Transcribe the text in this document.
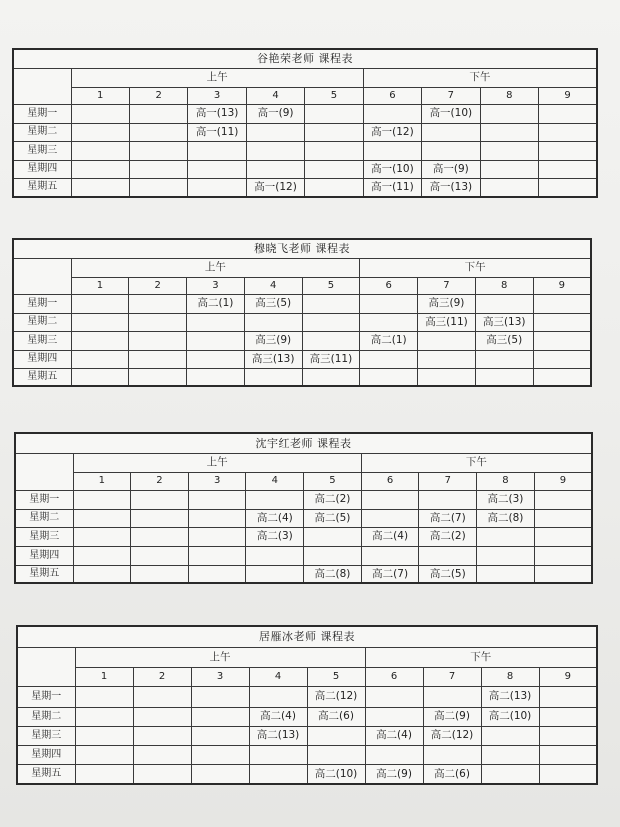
谷艳荣老师 课程表									
	上午					下午			
	1	2	3	4	5	6	7	8	9
星期一			高一(13)	高一(9)			高一(10)		
星期二			高一(11)			高一(12)			
星期三									
星期四						高一(10)	高一(9)		
星期五				高一(12)		高一(11)	高一(13)		
穆晓飞老师 课程表									
	上午					下午			
	1	2	3	4	5	6	7	8	9
星期一			高二(1)	高三(5)			高三(9)		
星期二							高三(11)	高三(13)	
星期三				高三(9)		高二(1)		高三(5)	
星期四				高三(13)	高三(11)				
星期五									
沈宇红老师 课程表									
	上午					下午			
	1	2	3	4	5	6	7	8	9
星期一					高二(2)			高二(3)	
星期二				高二(4)	高二(5)		高二(7)	高二(8)	
星期三				高二(3)		高二(4)	高二(2)		
星期四									
星期五					高二(8)	高二(7)	高二(5)		
居雁冰老师 课程表									
	上午					下午			
	1	2	3	4	5	6	7	8	9
星期一					高二(12)			高二(13)	
星期二				高二(4)	高二(6)		高二(9)	高二(10)	
星期三				高二(13)		高二(4)	高二(12)		
星期四									
星期五					高二(10)	高二(9)	高二(6)		
